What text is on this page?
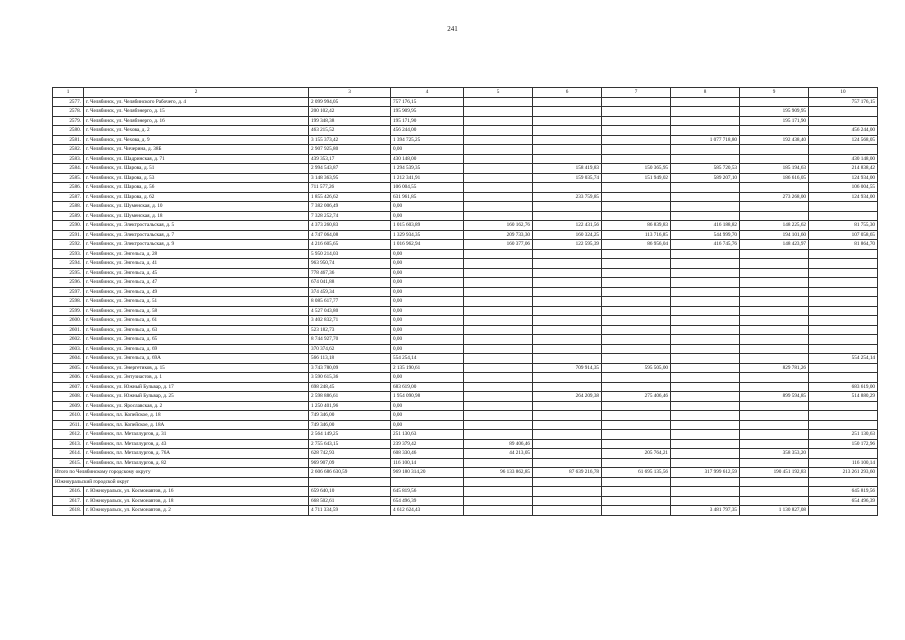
241
1	2	3	4	5	6	7	8	9	10
2577.	г. Челябинск, ул. Челябинского Рабочего, д. 4	2 099 994,05	757 176,15						757 176,15
2578.	г. Челябинск, ул. Челябэнерго, д. 15	200 102,42	195 909,95					195 909,95	
2579.	г. Челябинск, ул. Челябэнерго, д. 16	199 348,38	195 171,90					195 171,90	
2580.	г. Челябинск, ул. Чехова, д. 2	463 215,52	456 244,00						456 244,00
2581.	г. Челябинск, ул. Чехова, д. 9	3 155 373,42	1 394 725,25				1 077 718,80	192 438,40	124 568,05
2582.	г. Челябинск, ул. Чичерина, д. 38Б	2 907 925,80	0,00						
2583.	г. Челябинск, ул. Шадринская, д. 71	439 353,17	430 148,00						430 148,00
2584.	г. Челябинск, ул. Шарова, д. 51	2 994 543,87	1 294 539,35		158 419,83	150 365,95	585 720,53	185 194,63	214 838,42
2585.	г. Челябинск, ул. Шарова, д. 53	3 148 363,95	1 212 341,91		159 035,74	151 949,02	589 207,10	186 616,05	124 934,00
2586.	г. Челябинск, ул. Шарова, д. 56	711 577,26	106 004,55						106 004,55
2587.	г. Челябинск, ул. Шарова, д. 62	1 855 426,62	631 961,85		233 759,85			273 268,00	124 934,00
2588.	г. Челябинск, ул. Шуменская, д. 10	7 382 006,49	0,00						
2589.	г. Челябинск, ул. Шуменская, д. 18	7 328 252,74	0,00						
2590.	г. Челябинск, ул. Электростальская, д. 5	4 373 260,83	1 015 603,89	160 162,76	122 431,56	86 839,83	416 188,82	148 225,62	81 755,30
2591.	г. Челябинск, ул. Электростальская, д. 7	4 747 064,08	1 329 934,35	209 733,30	160 324,25	113 716,85	544 999,70	194 101,60	107 058,65
2592.	г. Челябинск, ул. Электростальская, д. 9	4 216 605,65	1 016 962,94	160 377,06	122 595,39	86 956,04	416 745,76	148 423,97	81 864,70
2593.	г. Челябинск, ул. Энгельса, д. 28	5 950 214,03	0,00						
2594.	г. Челябинск, ул. Энгельса, д. 41	963 950,74	0,00						
2595.	г. Челябинск, ул. Энгельса, д. 45	778 467,36	0,00						
2596.	г. Челябинск, ул. Энгельса, д. 47	674 041,88	0,00						
2597.	г. Челябинск, ул. Энгельса, д. 49	374 459,34	0,00						
2598.	г. Челябинск, ул. Энгельса, д. 51	8 085 617,77	0,00						
2599.	г. Челябинск, ул. Энгельса, д. 58	4 527 043,80	0,00						
2600.	г. Челябинск, ул. Энгельса, д. 61	3 402 832,71	0,00						
2601.	г. Челябинск, ул. Энгельса, д. 63	523 182,73	0,00						
2602.	г. Челябинск, ул. Энгельса, д. 65	8 744 927,70	0,00						
2603.	г. Челябинск, ул. Энгельса, д. 69	370 374,62	0,00						
2604.	г. Челябинск, ул. Энгельса, д. 69А	566 113,18	554 254,14						554 254,14
2605.	г. Челябинск, ул. Энергетиков, д. 15	3 743 780,09	2 135 190,61		709 914,35	595 505,00		829 781,26	
2606.	г. Челябинск, ул. Энтузиастов, д. 1	3 590 615,36	0,00						
2607.	г. Челябинск, ул. Южный Бульвар, д. 17	698 248,45	683 619,00						683 619,00
2608.	г. Челябинск, ул. Южный Бульвар, д. 25	2 598 886,61	1 954 090,98		264 209,38	275 406,46		899 594,85	514 880,29
2609.	г. Челябинск, ул. Ярославская, д. 2	1 250 401,96	0,00						
2610.	г. Челябинск, пл. Копейское, д. 18	749 346,00	0,00						
2611.	г. Челябинск, пл. Копейское, д. 18А	749 346,00	0,00						
2612.	г. Челябинск, пл. Металлургов, д. 31	2 564 149,25	251 130,63						251 130,63
2613.	г. Челябинск, пл. Металлургов, д. 43	2 755 643,15	239 379,42	89 406,46					150 172,96
2614.	г. Челябинск, пл. Металлургов, д. 76А	628 742,93	608 330,46	44 213,05		205 764,21		358 353,20	
2615.	г. Челябинск, пл. Металлургов, д. 82	969 907,09	116 100,14						116 100,14
Итого по Челябинскому городскому округу		2 606 686 630,59	969 180 314,20	96 133 862,85	87 639 216,78	61 695 135,56	317 999 612,59	190 451 192,83	213 261 293,60
Южноуральский городской округ									
2616.	г. Южноуральск, ул. Космонавтов, д. 16	659 640,10	645 819,56						645 819,56
2617.	г. Южноуральск, ул. Космонавтов, д. 18	668 502,61	654 496,39						654 496,39
2618.	г. Южноуральск, ул. Космонавтов, д. 2	4 711 334,59	4 612 624,43				3 481 797,35	1 130 827,08	
